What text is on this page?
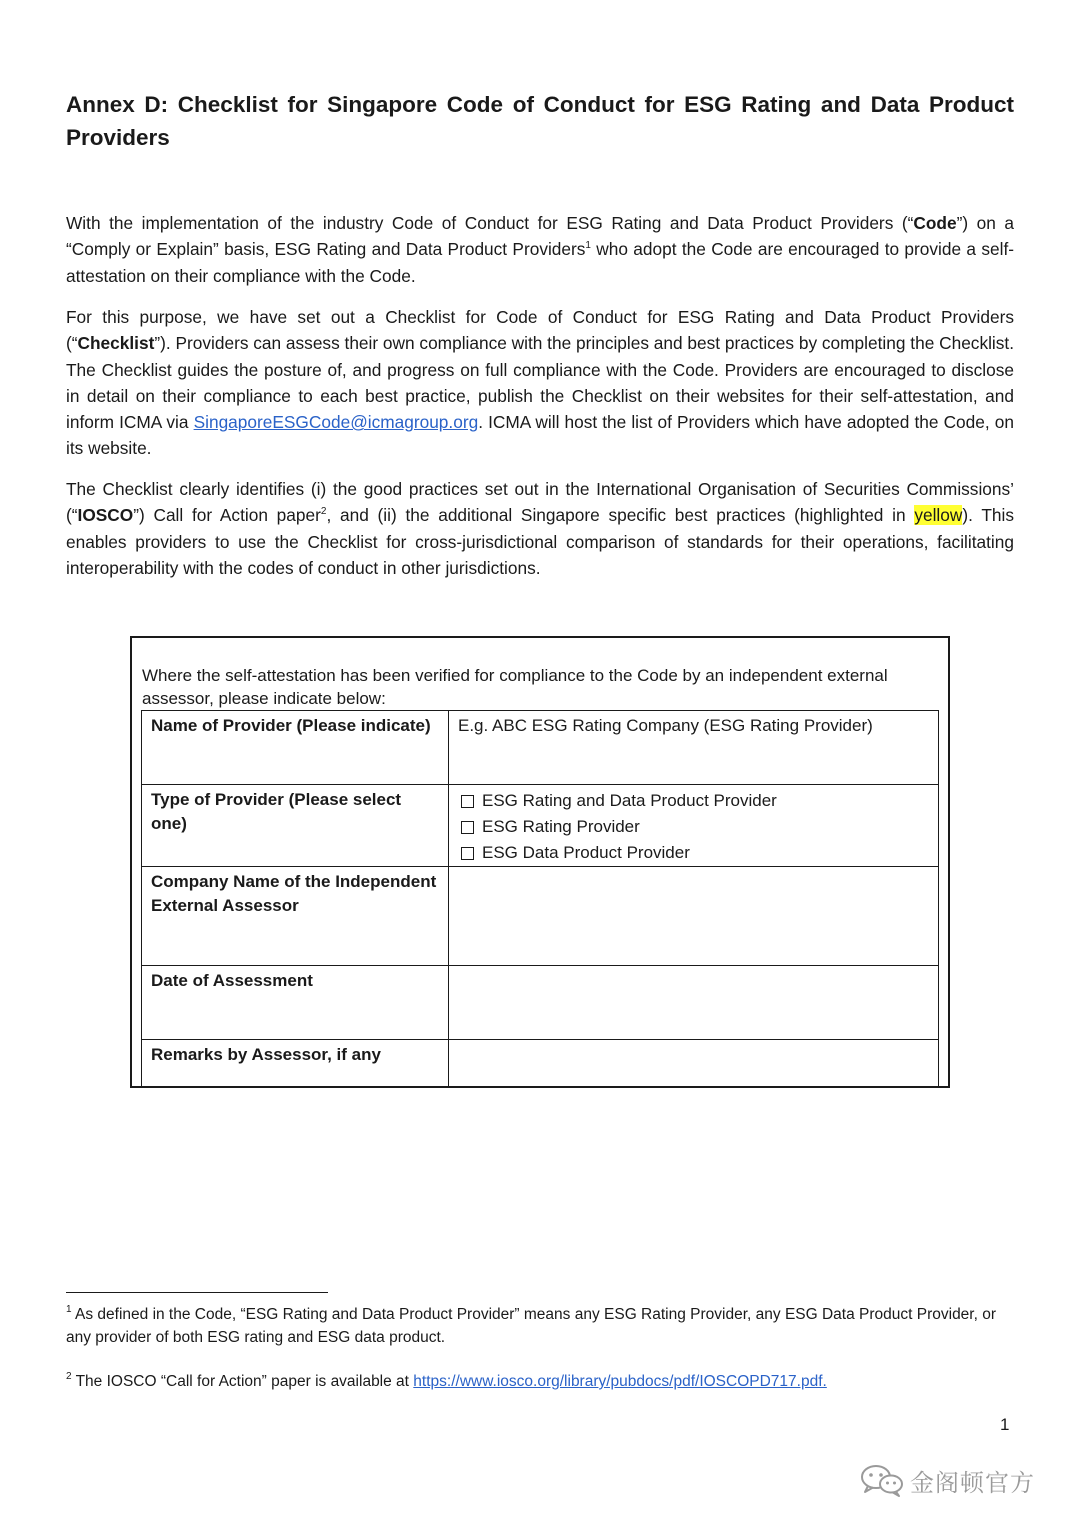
Annex D: Checklist for Singapore Code of Conduct for ESG Rating and Data Product Providers

With the implementation of the industry Code of Conduct for ESG Rating and Data Product Providers (“Code”) on a “Comply or Explain” basis, ESG Rating and Data Product Providers$^1$ who adopt the Code are encouraged to provide a self-attestation on their compliance with the Code.

For this purpose, we have set out a Checklist for Code of Conduct for ESG Rating and Data Product Providers (“Checklist”). Providers can assess their own compliance with the principles and best practices by completing the Checklist. The Checklist guides the posture of, and progress on full compliance with the Code. Providers are encouraged to disclose in detail on their compliance to each best practice, publish the Checklist on their websites for their self-attestation, and inform ICMA via SingaporeESGCode@icmagroup.org. ICMA will host the list of Providers which have adopted the Code, on its website.

The Checklist clearly identifies (i) the good practices set out in the International Organisation of Securities Commissions’ (“IOSCO”) Call for Action paper$^2$, and (ii) the additional Singapore specific best practices (highlighted in yellow). This enables providers to use the Checklist for cross-jurisdictional comparison of standards for their operations, facilitating interoperability with the codes of conduct in other jurisdictions.

Where the self-attestation has been verified for compliance to the Code by an independent external assessor, please indicate below:

Name of Provider (Please indicate)	E.g. ABC ESG Rating Company (ESG Rating Provider)
Type of Provider (Please select one)	ESG Rating and Data Product Provider
ESG Rating Provider
ESG Data Product Provider

Company Name of the Independent External Assessor	
Date of Assessment	
Remarks by Assessor, if any	

$^1$ As defined in the Code, “ESG Rating and Data Product Provider” means any ESG Rating Provider, any ESG Data Product Provider, or any provider of both ESG rating and ESG data product.

$^2$ The IOSCO “Call for Action” paper is available at https://www.iosco.org/library/pubdocs/pdf/IOSCOPD717.pdf.

1
金阁顿官方
